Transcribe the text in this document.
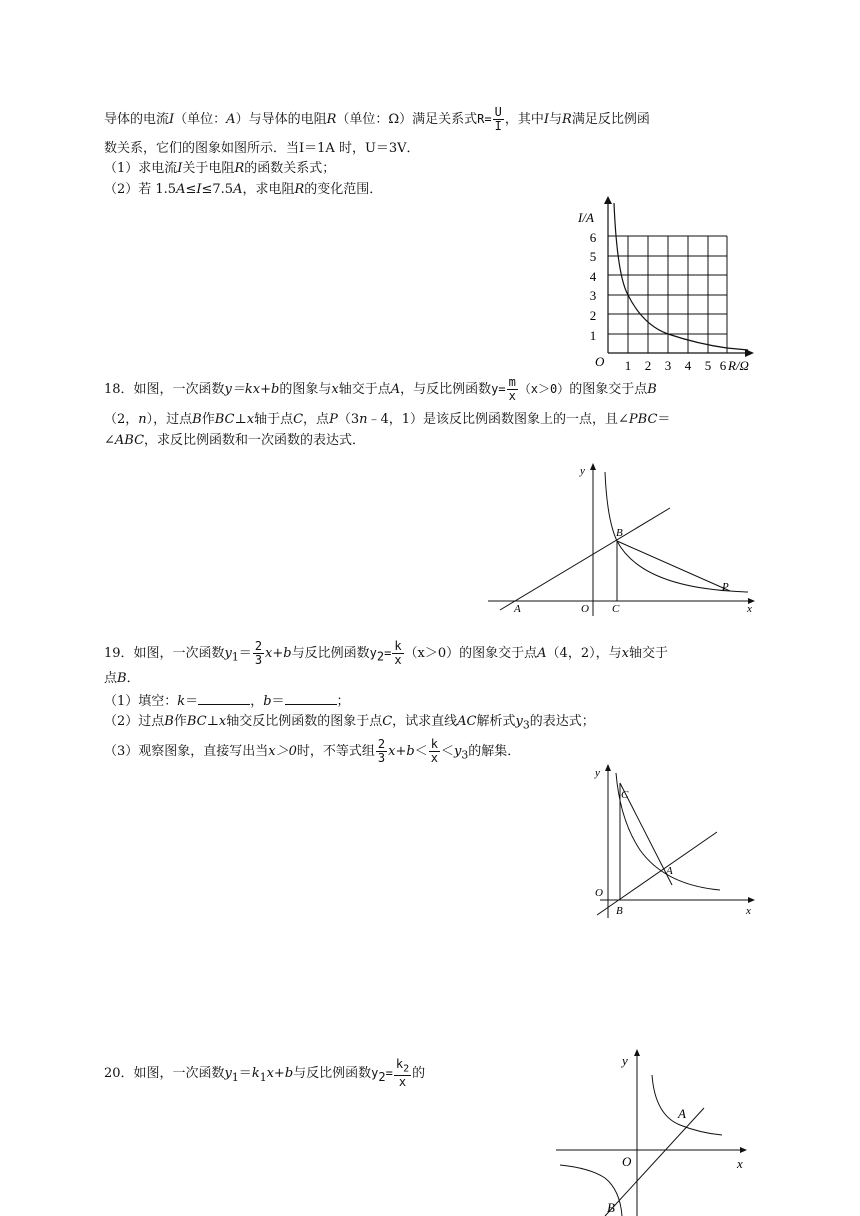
导体的电流I（单位：A）与导体的电阻R（单位：Ω）满足关系式$R= \frac{U}{I}$ ，其中I与R满足反比例函
数关系，它们的图象如图所示．当I＝1A 时，U＝3V．
（1）求电流I关于电阻R的函数关系式；
（2）若 1.5A≤I≤7.5A，求电阻R的变化范围．
I/A
R/Ω
O 1 2 3 4 5 6
1
2
3
4
5
6
18．如图，一次函数y＝kx+b的图象与x轴交于点A，与反比例函数$y= \frac{m}{x} (x>0)$的图象交于点B
（2，n），过点B作BC⊥x轴于点C，点P（3n﹣4，1）是该反比例函数图象上的一点，且∠PBC＝
∠ABC，求反比例函数和一次函数的表达式．
y
x
A	O C
B
P
19．如图，一次函数$y_1= \frac{2}{3} x+b$与反比例函数$y_2= \frac{k}{x} (x>0)$的图象交于点A（4，2），与x轴交于
点B．
（1）填空：k＝	，b＝	；
（2）过点B作BC⊥x轴交反比例函数的图象于点C，试求直线AC解析式$y_3$的表达式；
（3）观察图象，直接写出当x＞0时，不等式组 $\frac{2}{3} x+b< \frac{k}{x} <y_3$的解集．
y
x
O
B
C
A
20．如图，一次函数$y_1=k_1x+b$与反比例函数$y_2= \frac{k_2}{x}$ 的
y
x
O
A
B
